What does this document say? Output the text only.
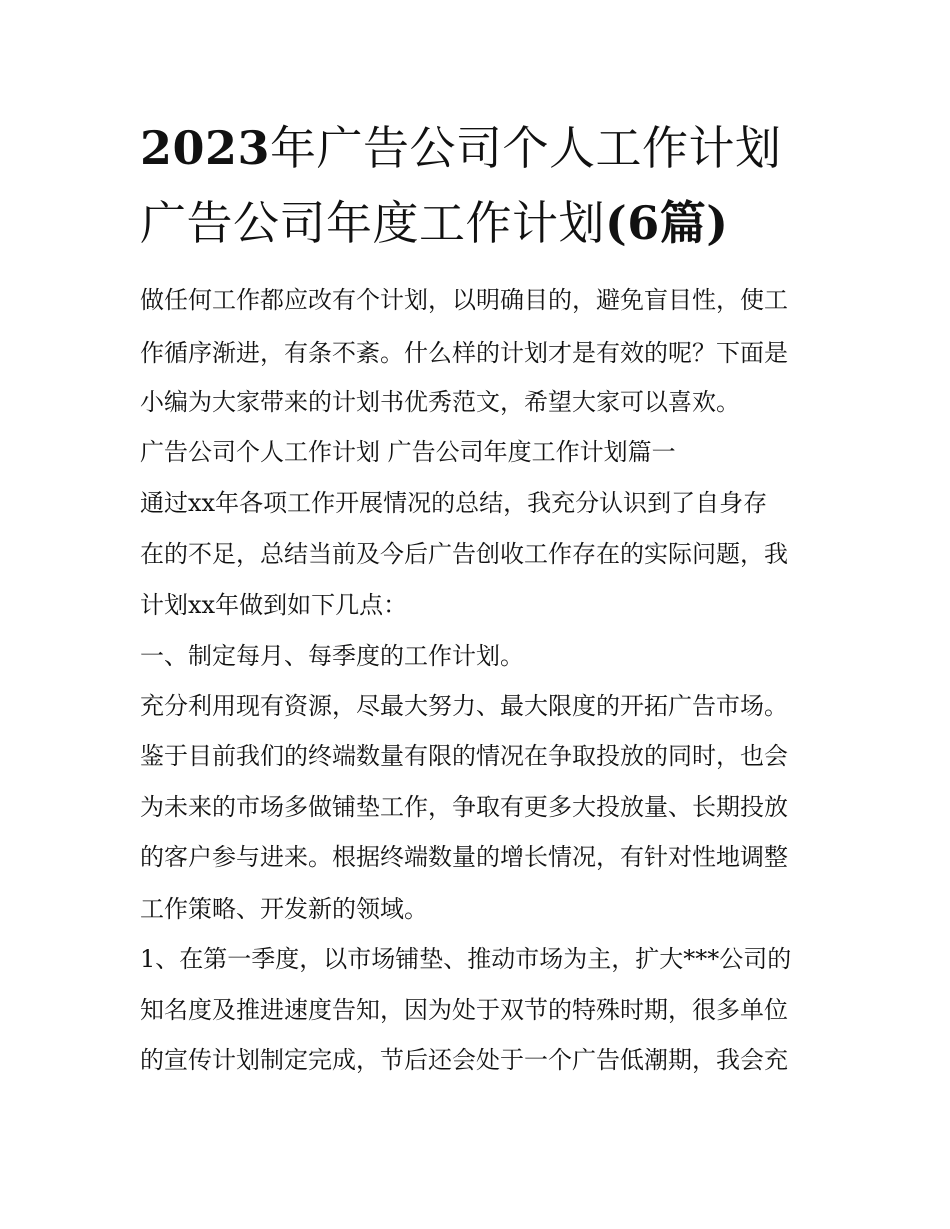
2023年广告公司个人工作计划
广告公司年度工作计划(6篇)

做任何工作都应改有个计划，以明确目的，避免盲目性，使工

作循序渐进，有条不紊。什么样的计划才是有效的呢？下面是

小编为大家带来的计划书优秀范文，希望大家可以喜欢。

广告公司个人工作计划 广告公司年度工作计划篇一

通过xx年各项工作开展情况的总结，我充分认识到了自身存

在的不足，总结当前及今后广告创收工作存在的实际问题，我

计划xx年做到如下几点：

一、制定每月、每季度的工作计划。

充分利用现有资源，尽最大努力、最大限度的开拓广告市场。

鉴于目前我们的终端数量有限的情况在争取投放的同时，也会

为未来的市场多做铺垫工作，争取有更多大投放量、长期投放

的客户参与进来。根据终端数量的增长情况，有针对性地调整

工作策略、开发新的领域。

1、在第一季度，以市场铺垫、推动市场为主，扩大***公司的

知名度及推进速度告知，因为处于双节的特殊时期，很多单位

的宣传计划制定完成，节后还会处于一个广告低潮期，我会充
